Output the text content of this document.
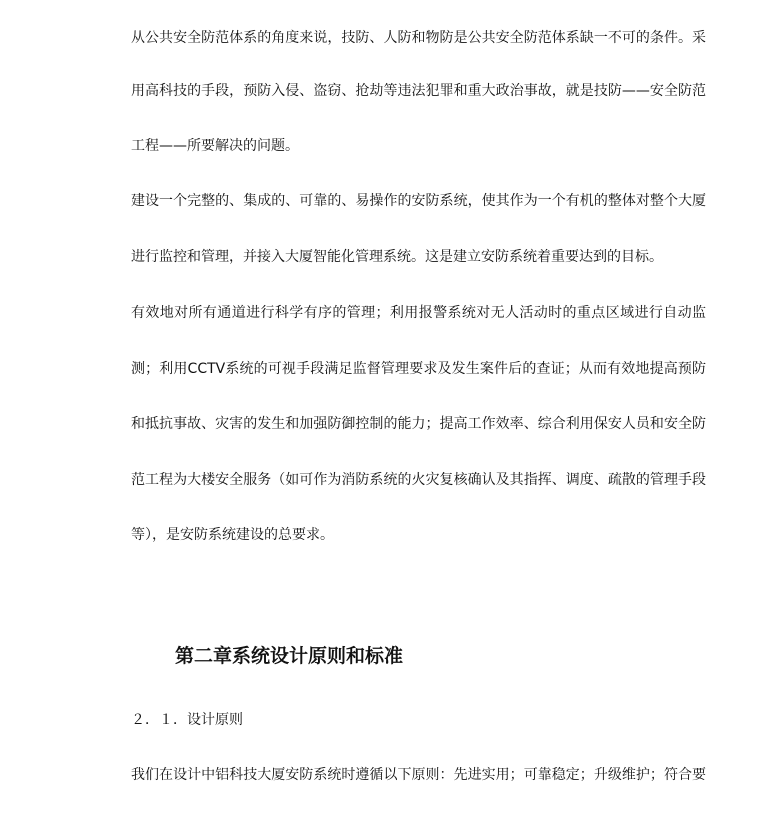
从公共安全防范体系的角度来说，技防、人防和物防是公共安全防范体系缺一不可的条件。采
用高科技的手段，预防入侵、盗窃、抢劫等违法犯罪和重大政治事故，就是技防——安全防范
工程——所要解决的问题。
建设一个完整的、集成的、可靠的、易操作的安防系统，使其作为一个有机的整体对整个大厦
进行监控和管理，并接入大厦智能化管理系统。这是建立安防系统着重要达到的目标。
有效地对所有通道进行科学有序的管理；利用报警系统对无人活动时的重点区域进行自动监
测；利用CCTV系统的可视手段满足监督管理要求及发生案件后的查证；从而有效地提高预防
和抵抗事故、灾害的发生和加强防御控制的能力；提高工作效率、综合利用保安人员和安全防
范工程为大楼安全服务（如可作为消防系统的火灾复核确认及其指挥、调度、疏散的管理手段
等），是安防系统建设的总要求。
第二章系统设计原则和标准
２．１．设计原则
我们在设计中铝科技大厦安防系统时遵循以下原则：先进实用；可靠稳定；升级维护；符合要
